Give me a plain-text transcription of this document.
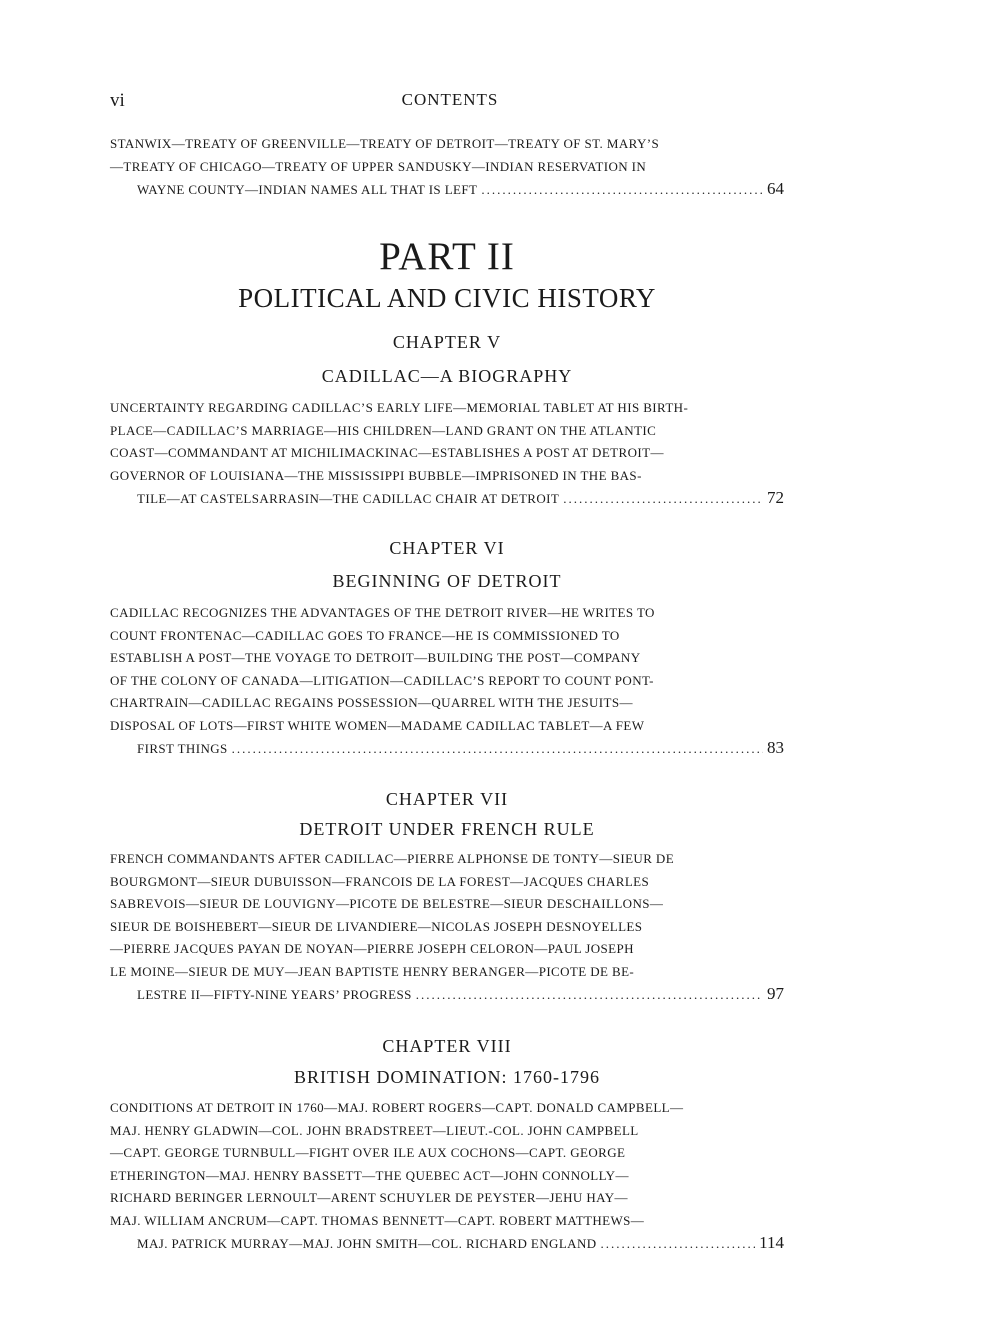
vi	CONTENTS
STANWIX—TREATY OF GREENVILLE—TREATY OF DETROIT—TREATY OF ST. MARY’S
—TREATY OF CHICAGO—TREATY OF UPPER SANDUSKY—INDIAN RESERVATION IN
WAYNE COUNTY—INDIAN NAMES ALL THAT IS LEFT .....	64
PART II
POLITICAL AND CIVIC HISTORY
CHAPTER V
CADILLAC—A BIOGRAPHY
UNCERTAINTY REGARDING CADILLAC’S EARLY LIFE—MEMORIAL TABLET AT HIS BIRTH-
PLACE—CADILLAC’S MARRIAGE—HIS CHILDREN—LAND GRANT ON THE ATLANTIC
COAST—COMMANDANT AT MICHILIMACKINAC—ESTABLISHES A POST AT DETROIT—
GOVERNOR OF LOUISIANA—THE MISSISSIPPI BUBBLE—IMPRISONED IN THE BAS-
TILE—AT CASTELSARRASIN—THE CADILLAC CHAIR AT DETROIT .....	72
CHAPTER VI
BEGINNING OF DETROIT
CADILLAC RECOGNIZES THE ADVANTAGES OF THE DETROIT RIVER—HE WRITES TO
COUNT FRONTENAC—CADILLAC GOES TO FRANCE—HE IS COMMISSIONED TO
ESTABLISH A POST—THE VOYAGE TO DETROIT—BUILDING THE POST—COMPANY
OF THE COLONY OF CANADA—LITIGATION—CADILLAC’S REPORT TO COUNT PONT-
CHARTRAIN—CADILLAC REGAINS POSSESSION—QUARREL WITH THE JESUITS—
DISPOSAL OF LOTS—FIRST WHITE WOMEN—MADAME CADILLAC TABLET—A FEW
FIRST THINGS .....	83
CHAPTER VII
DETROIT UNDER FRENCH RULE
FRENCH COMMANDANTS AFTER CADILLAC—PIERRE ALPHONSE DE TONTY—SIEUR DE
BOURGMONT—SIEUR DUBUISSON—FRANCOIS DE LA FOREST—JACQUES CHARLES
SABREVOIS—SIEUR DE LOUVIGNY—PICOTE DE BELESTRE—SIEUR DESCHAILLONS—
SIEUR DE BOISHEBERT—SIEUR DE LIVANDIERE—NICOLAS JOSEPH DESNOYELLES
—PIERRE JACQUES PAYAN DE NOYAN—PIERRE JOSEPH CELORON—PAUL JOSEPH
LE MOINE—SIEUR DE MUY—JEAN BAPTISTE HENRY BERANGER—PICOTE DE BE-
LESTRE II—FIFTY-NINE YEARS’ PROGRESS .....	97
CHAPTER VIII
BRITISH DOMINATION: 1760-1796
CONDITIONS AT DETROIT IN 1760—MAJ. ROBERT ROGERS—CAPT. DONALD CAMPBELL—
MAJ. HENRY GLADWIN—COL. JOHN BRADSTREET—LIEUT.-COL. JOHN CAMPBELL
—CAPT. GEORGE TURNBULL—FIGHT OVER ILE AUX COCHONS—CAPT. GEORGE
ETHERINGTON—MAJ. HENRY BASSETT—THE QUEBEC ACT—JOHN CONNOLLY—
RICHARD BERINGER LERNOULT—ARENT SCHUYLER DE PEYSTER—JEHU HAY—
MAJ. WILLIAM ANCRUM—CAPT. THOMAS BENNETT—CAPT. ROBERT MATTHEWS—
MAJ. PATRICK MURRAY—MAJ. JOHN SMITH—COL. RICHARD ENGLAND .....	114
